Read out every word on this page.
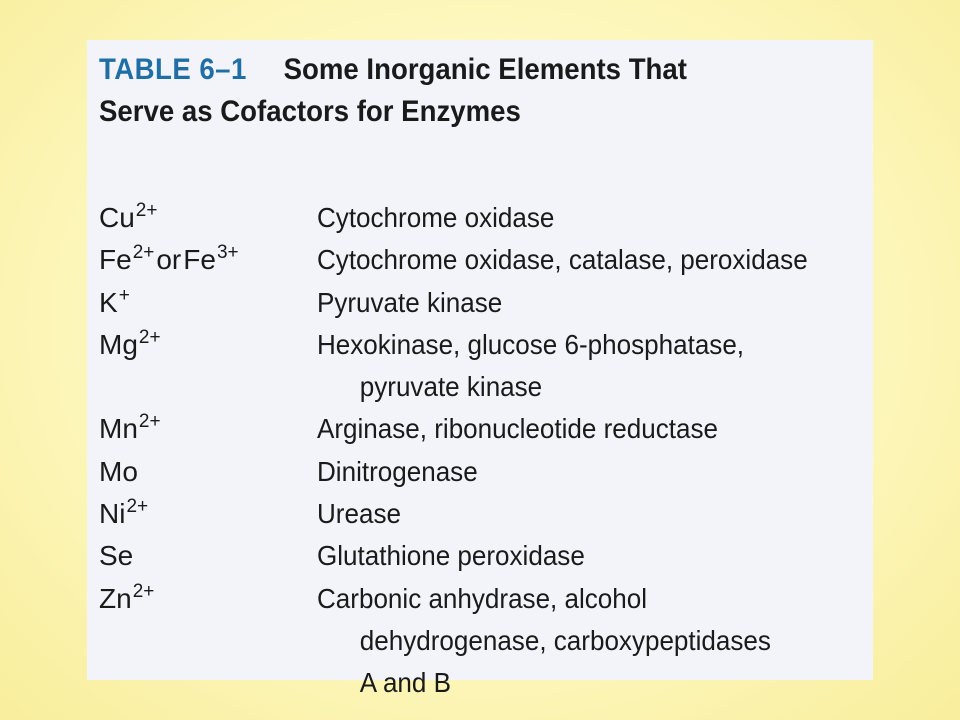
TABLE 6–1 Some Inorganic Elements That
Serve as Cofactors for Enzymes
$Cu^{2+}$	Cytochrome oxidase
$Fe^{2+}orFe^{3+}$	Cytochrome oxidase, catalase, peroxidase
K+	Pyruvate kinase
$Mg^{2+}$	Hexokinase, glucose 6-phosphatase,
pyruvate kinase
$Mn^{2+}$	Arginase, ribonucleotide reductase
Mo	Dinitrogenase
$Ni^{2+}$	Urease
Se	Glutathione peroxidase
$Zn^{2+}$	Carbonic anhydrase, alcohol
dehydrogenase, carboxypeptidases
A and B
